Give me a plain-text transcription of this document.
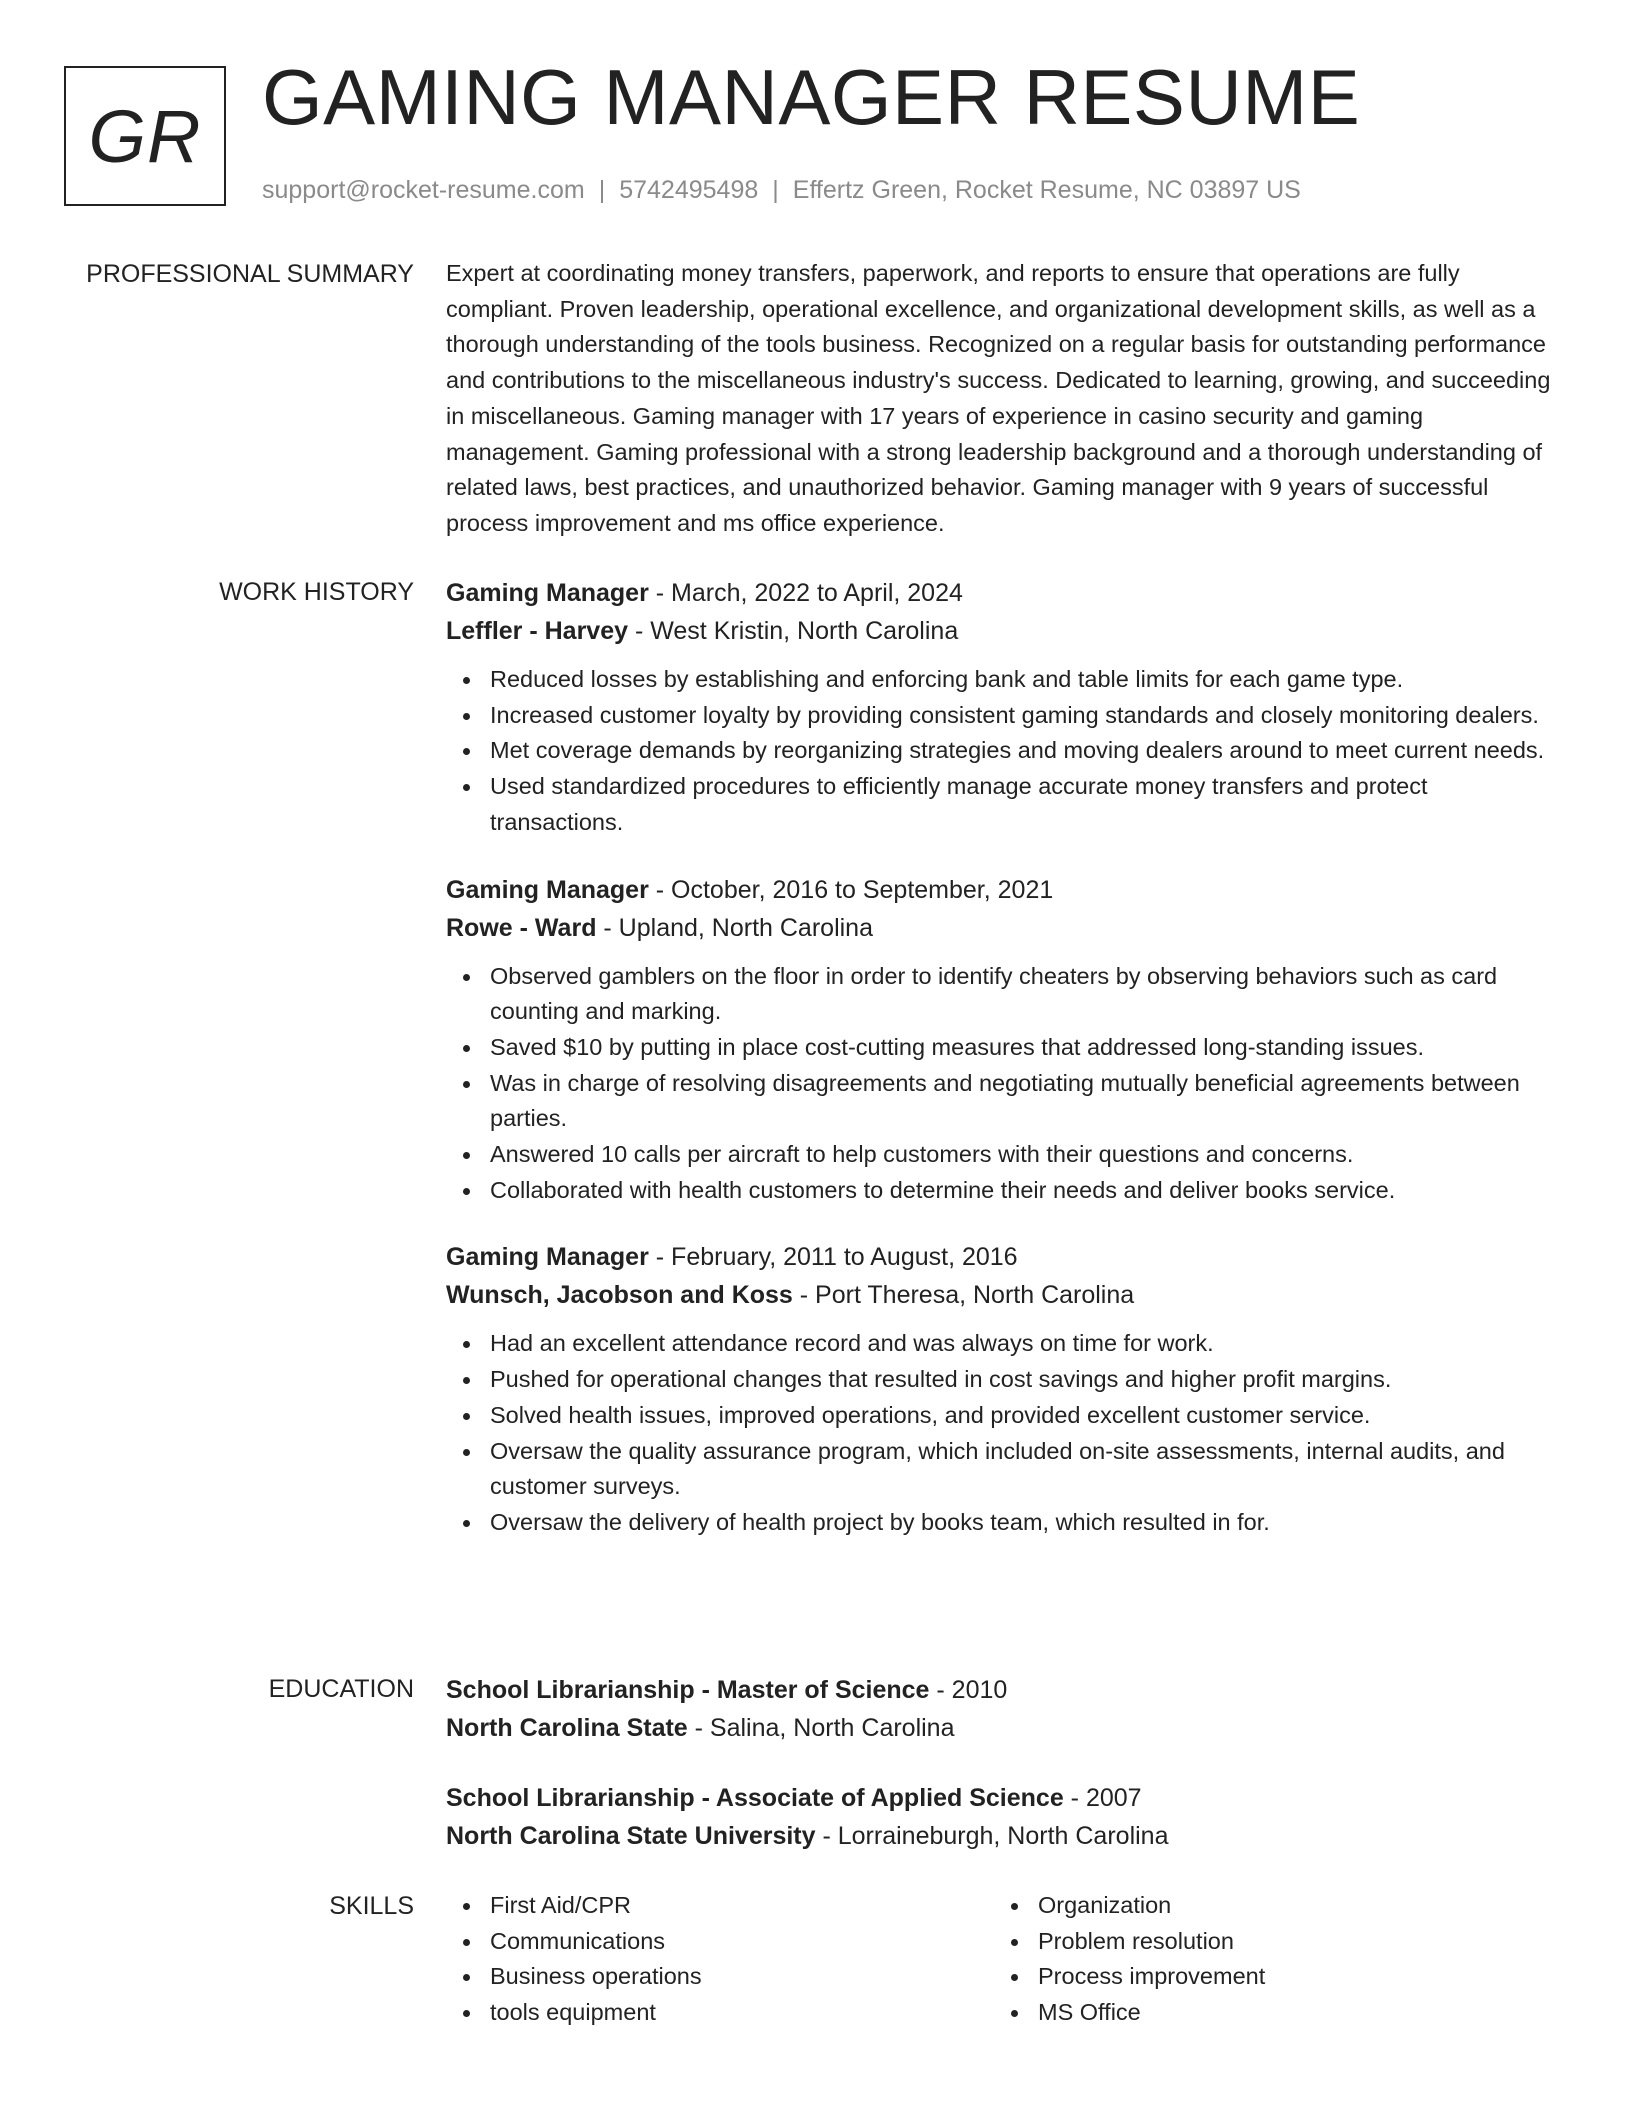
GR GAMING MANAGER RESUME
support@rocket-resume.com | 5742495498 | Effertz Green, Rocket Resume, NC 03897 US
PROFESSIONAL SUMMARY Expert at coordinating money transfers, paperwork, and reports to ensure that operations are fully compliant. Proven leadership, operational excellence, and organizational development skills, as well as a thorough understanding of the tools business. Recognized on a regular basis for outstanding performance and contributions to the miscellaneous industry's success. Dedicated to learning, growing, and succeeding in miscellaneous. Gaming manager with 17 years of experience in casino security and gaming management. Gaming professional with a strong leadership background and a thorough understanding of related laws, best practices, and unauthorized behavior. Gaming manager with 9 years of successful process improvement and ms office experience.

WORK HISTORY Gaming Manager - March, 2022 to April, 2024
Leffler - Harvey - West Kristin, North Carolina
Reduced losses by establishing and enforcing bank and table limits for each game type.
Increased customer loyalty by providing consistent gaming standards and closely monitoring dealers.
Met coverage demands by reorganizing strategies and moving dealers around to meet current needs.
Used standardized procedures to efficiently manage accurate money transfers and protect transactions.
Gaming Manager - October, 2016 to September, 2021
Rowe - Ward - Upland, North Carolina
Observed gamblers on the floor in order to identify cheaters by observing behaviors such as card counting and marking.
Saved $10 by putting in place cost-cutting measures that addressed long-standing issues.
Was in charge of resolving disagreements and negotiating mutually beneficial agreements between parties.
Answered 10 calls per aircraft to help customers with their questions and concerns.
Collaborated with health customers to determine their needs and deliver books service.
Gaming Manager - February, 2011 to August, 2016
Wunsch, Jacobson and Koss - Port Theresa, North Carolina
Had an excellent attendance record and was always on time for work.
Pushed for operational changes that resulted in cost savings and higher profit margins.
Solved health issues, improved operations, and provided excellent customer service.
Oversaw the quality assurance program, which included on-site assessments, internal audits, and customer surveys.
Oversaw the delivery of health project by books team, which resulted in for.
EDUCATION School Librarianship - Master of Science - 2010
North Carolina State - Salina, North Carolina
School Librarianship - Associate of Applied Science - 2007
North Carolina State University - Lorraineburgh, North Carolina
SKILLS	First Aid/CPR
Communications
Business operations
tools equipment
Organization
Problem resolution
Process improvement
MS Office
